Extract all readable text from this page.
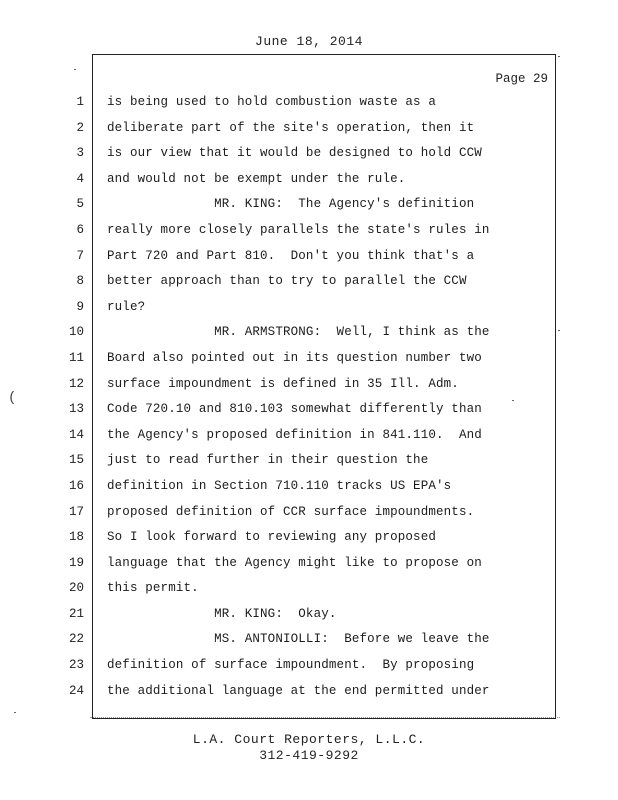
June 18, 2014
Page 29
1
2
3
4
5
6
7
8
9
10
11
12
13
14
15
16
17
18
19
20
21
22
23
24
is being used to hold combustion waste as a
deliberate part of the site's operation, then it
is our view that it would be designed to hold CCW
and would not be exempt under the rule.
MR. KING:  The Agency's definition
really more closely parallels the state's rules in
Part 720 and Part 810.  Don't you think that's a
better approach than to try to parallel the CCW
rule?
MR. ARMSTRONG:  Well, I think as the
Board also pointed out in its question number two
surface impoundment is defined in 35 Ill. Adm.
Code 720.10 and 810.103 somewhat differently than
the Agency's proposed definition in 841.110.  And
just to read further in their question the
definition in Section 710.110 tracks US EPA's
proposed definition of CCR surface impoundments.
So I look forward to reviewing any proposed
language that the Agency might like to propose on
this permit.
MR. KING:  Okay.
MS. ANTONIOLLI:  Before we leave the
definition of surface impoundment.  By proposing
the additional language at the end permitted under
L.A. Court Reporters, L.L.C.
312-419-9292
(
